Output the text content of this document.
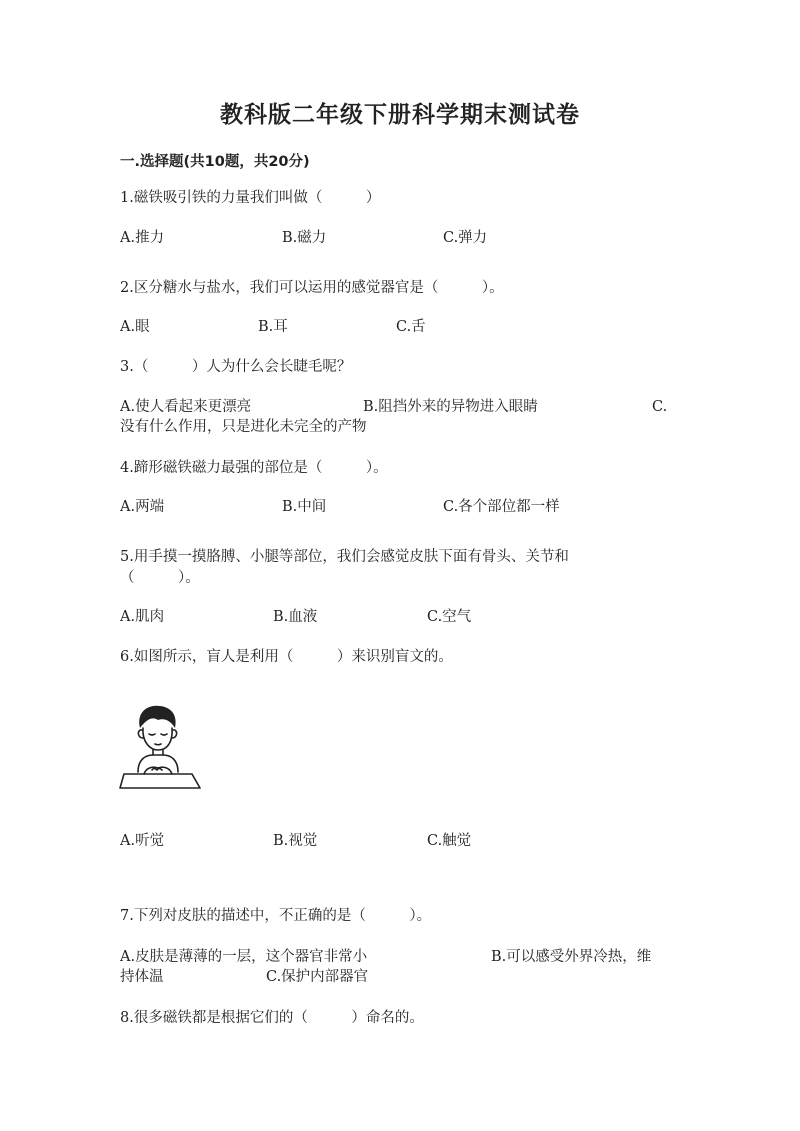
教科版二年级下册科学期末测试卷
一.选择题(共10题，共20分)
1.磁铁吸引铁的力量我们叫做（　　　）
A.推力	B.磁力	C.弹力
2.区分糖水与盐水，我们可以运用的感觉器官是（　　　）。
A.眼	B.耳	C.舌
3.（　　　）人为什么会长睫毛呢？
A.使人看起来更漂亮	B.阻挡外来的异物进入眼睛	C.
没有什么作用，只是进化未完全的产物
4.蹄形磁铁磁力最强的部位是（　　　）。
A.两端	B.中间	C.各个部位都一样
5.用手摸一摸胳膊、小腿等部位，我们会感觉皮肤下面有骨头、关节和
（　　　）。
A.肌肉	B.血液	C.空气
6.如图所示，盲人是利用（　　　）来识别盲文的。
A.听觉	B.视觉	C.触觉
7.下列对皮肤的描述中，不正确的是（　　　）。
A.皮肤是薄薄的一层，这个器官非常小	B.可以感受外界冷热，维
持体温	C.保护内部器官
8.很多磁铁都是根据它们的（　　　）命名的。
